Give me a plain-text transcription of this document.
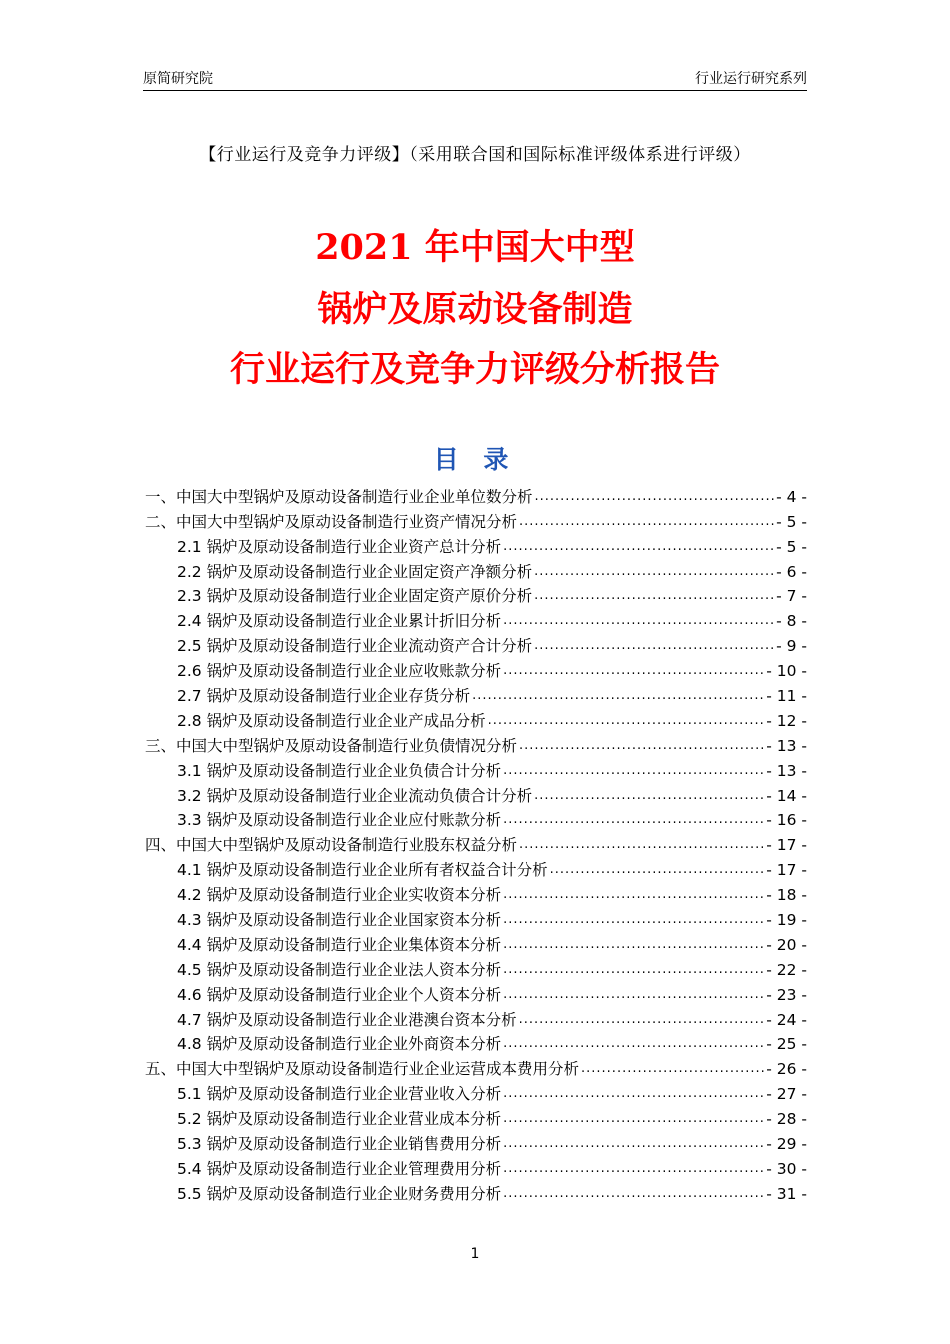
原简研究院	行业运行研究系列
【行业运行及竞争力评级】（采用联合国和国际标准评级体系进行评级）
2021 年中国大中型
锅炉及原动设备制造
行业运行及竞争力评级分析报告
目 录
一、中国大中型锅炉及原动设备制造行业企业单位数分析 .....	- 4 -
二、中国大中型锅炉及原动设备制造行业资产情况分析 .....	- 5 -
2.1 锅炉及原动设备制造行业企业资产总计分析 .....	- 5 -
2.2 锅炉及原动设备制造行业企业固定资产净额分析 .....	- 6 -
2.3 锅炉及原动设备制造行业企业固定资产原价分析 .....	- 7 -
2.4 锅炉及原动设备制造行业企业累计折旧分析 .....	- 8 -
2.5 锅炉及原动设备制造行业企业流动资产合计分析 .....	- 9 -
2.6 锅炉及原动设备制造行业企业应收账款分析 .....	- 10 -
2.7 锅炉及原动设备制造行业企业存货分析 .....	- 11 -
2.8 锅炉及原动设备制造行业企业产成品分析 .....	- 12 -
三、中国大中型锅炉及原动设备制造行业负债情况分析 .....	- 13 -
3.1 锅炉及原动设备制造行业企业负债合计分析 .....	- 13 -
3.2 锅炉及原动设备制造行业企业流动负债合计分析 .....	- 14 -
3.3 锅炉及原动设备制造行业企业应付账款分析 .....	- 16 -
四、中国大中型锅炉及原动设备制造行业股东权益分析 .....	- 17 -
4.1 锅炉及原动设备制造行业企业所有者权益合计分析 .....	- 17 -
4.2 锅炉及原动设备制造行业企业实收资本分析 .....	- 18 -
4.3 锅炉及原动设备制造行业企业国家资本分析 .....	- 19 -
4.4 锅炉及原动设备制造行业企业集体资本分析 .....	- 20 -
4.5 锅炉及原动设备制造行业企业法人资本分析 .....	- 22 -
4.6 锅炉及原动设备制造行业企业个人资本分析 .....	- 23 -
4.7 锅炉及原动设备制造行业企业港澳台资本分析 .....	- 24 -
4.8 锅炉及原动设备制造行业企业外商资本分析 .....	- 25 -
五、中国大中型锅炉及原动设备制造行业企业运营成本费用分析 .....	- 26 -
5.1 锅炉及原动设备制造行业企业营业收入分析 .....	- 27 -
5.2 锅炉及原动设备制造行业企业营业成本分析 .....	- 28 -
5.3 锅炉及原动设备制造行业企业销售费用分析 .....	- 29 -
5.4 锅炉及原动设备制造行业企业管理费用分析 .....	- 30 -
5.5 锅炉及原动设备制造行业企业财务费用分析 .....	- 31 -
1
